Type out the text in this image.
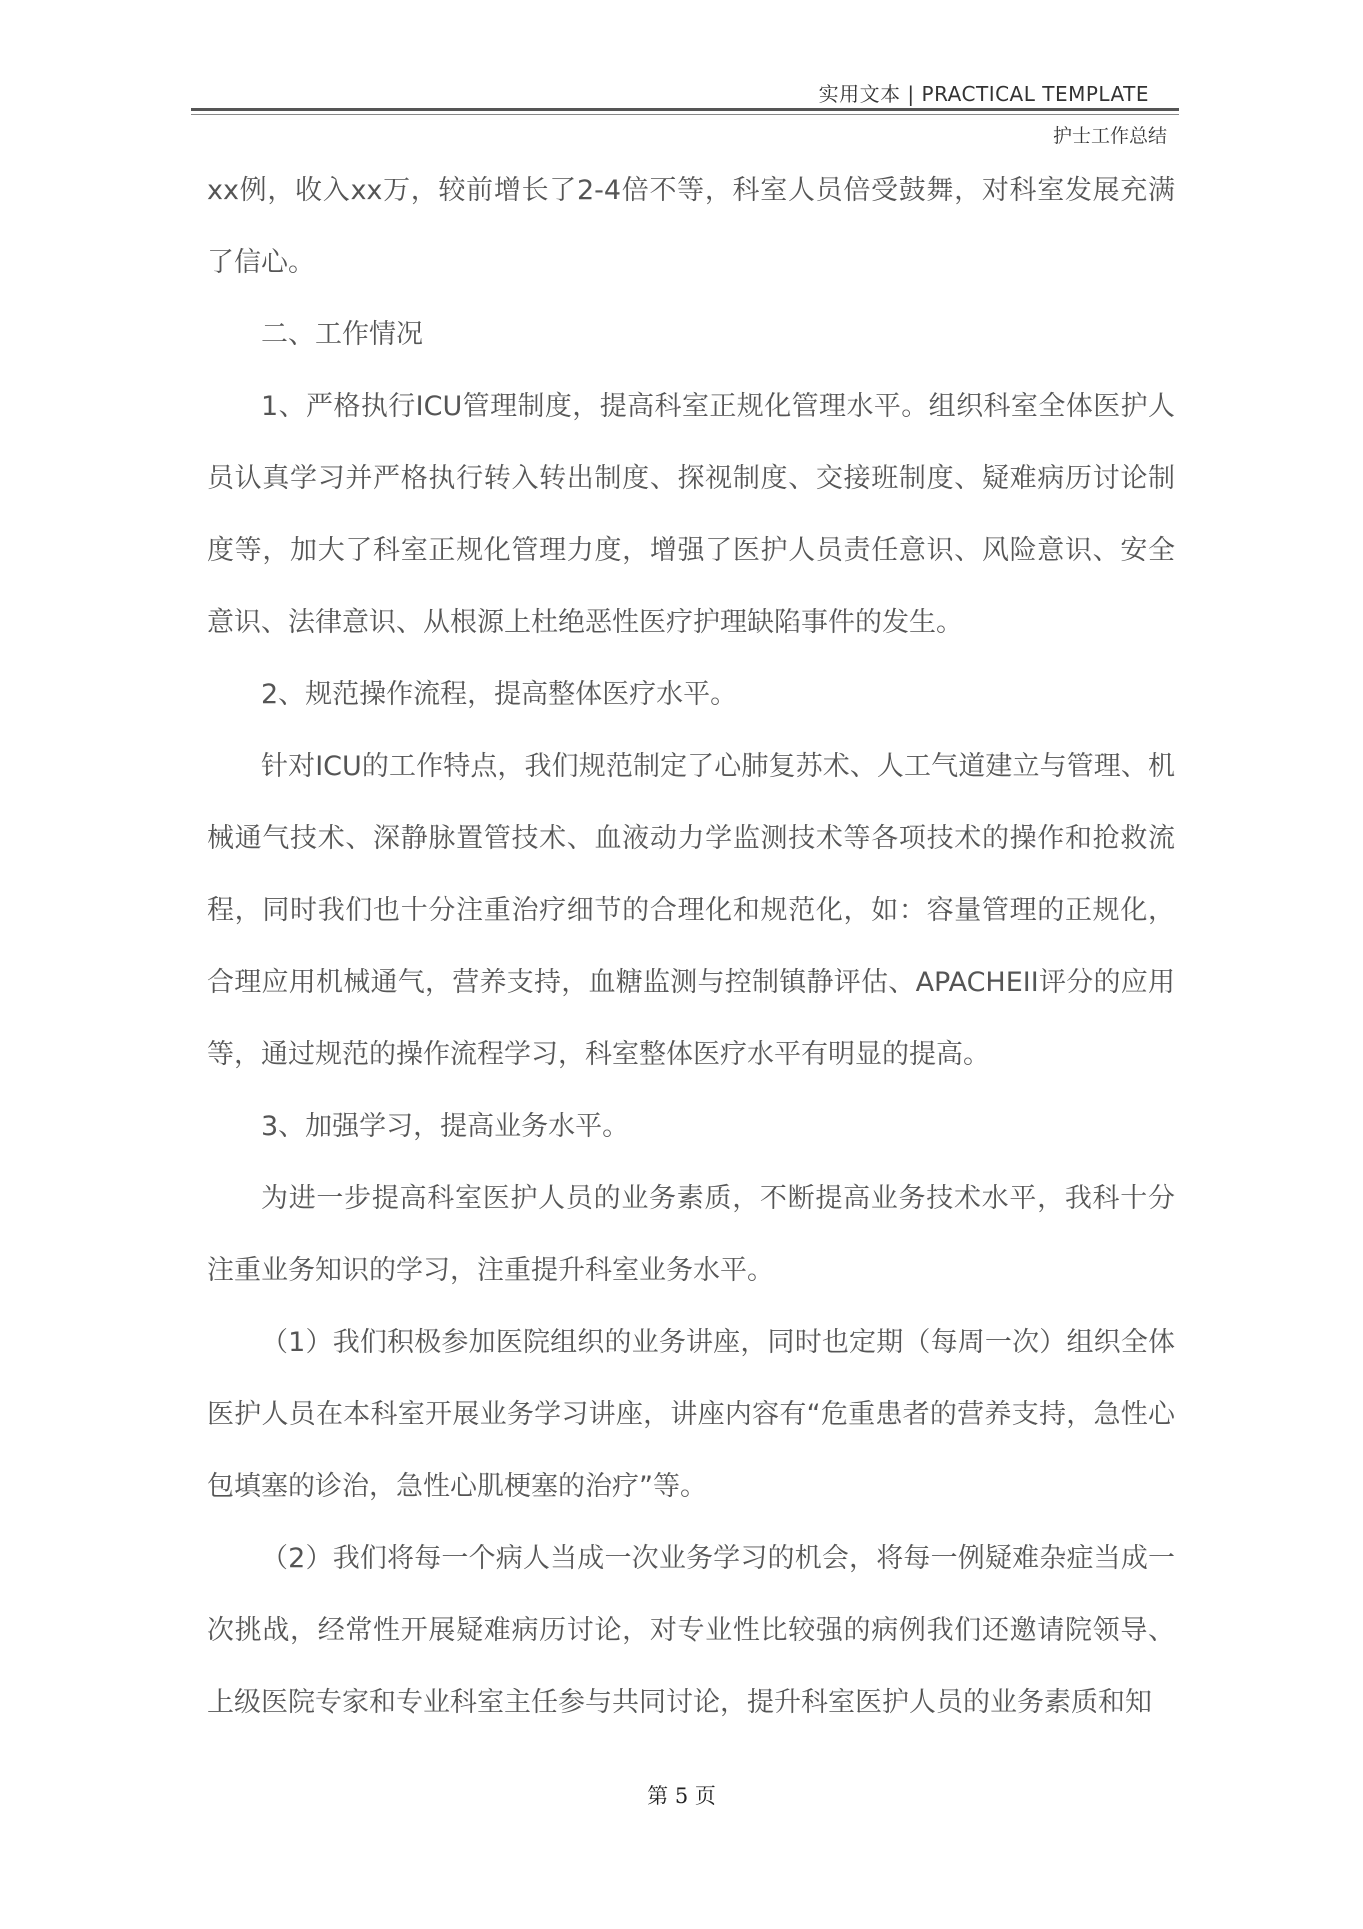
实用文本 | PRACTICAL TEMPLATE
护士工作总结

xx例，收入xx万，较前增长了2-4倍不等，科室人员倍受鼓舞，对科室发展充满了信心。

二、工作情况

1、严格执行ICU管理制度，提高科室正规化管理水平。组织科室全体医护人员认真学习并严格执行转入转出制度、探视制度、交接班制度、疑难病历讨论制度等，加大了科室正规化管理力度，增强了医护人员责任意识、风险意识、安全意识、法律意识、从根源上杜绝恶性医疗护理缺陷事件的发生。

2、规范操作流程，提高整体医疗水平。

针对ICU的工作特点，我们规范制定了心肺复苏术、人工气道建立与管理、机械通气技术、深静脉置管技术、血液动力学监测技术等各项技术的操作和抢救流程，同时我们也十分注重治疗细节的合理化和规范化，如：容量管理的正规化，合理应用机械通气，营养支持，血糖监测与控制镇静评估、APACHEII评分的应用等，通过规范的操作流程学习，科室整体医疗水平有明显的提高。

3、加强学习，提高业务水平。

为进一步提高科室医护人员的业务素质，不断提高业务技术水平，我科十分注重业务知识的学习，注重提升科室业务水平。

（1）我们积极参加医院组织的业务讲座，同时也定期（每周一次）组织全体医护人员在本科室开展业务学习讲座，讲座内容有“危重患者的营养支持，急性心包填塞的诊治，急性心肌梗塞的治疗”等。

（2）我们将每一个病人当成一次业务学习的机会，将每一例疑难杂症当成一次挑战，经常性开展疑难病历讨论，对专业性比较强的病例我们还邀请院领导、上级医院专家和专业科室主任参与共同讨论，提升科室医护人员的业务素质和知

第 5 页
